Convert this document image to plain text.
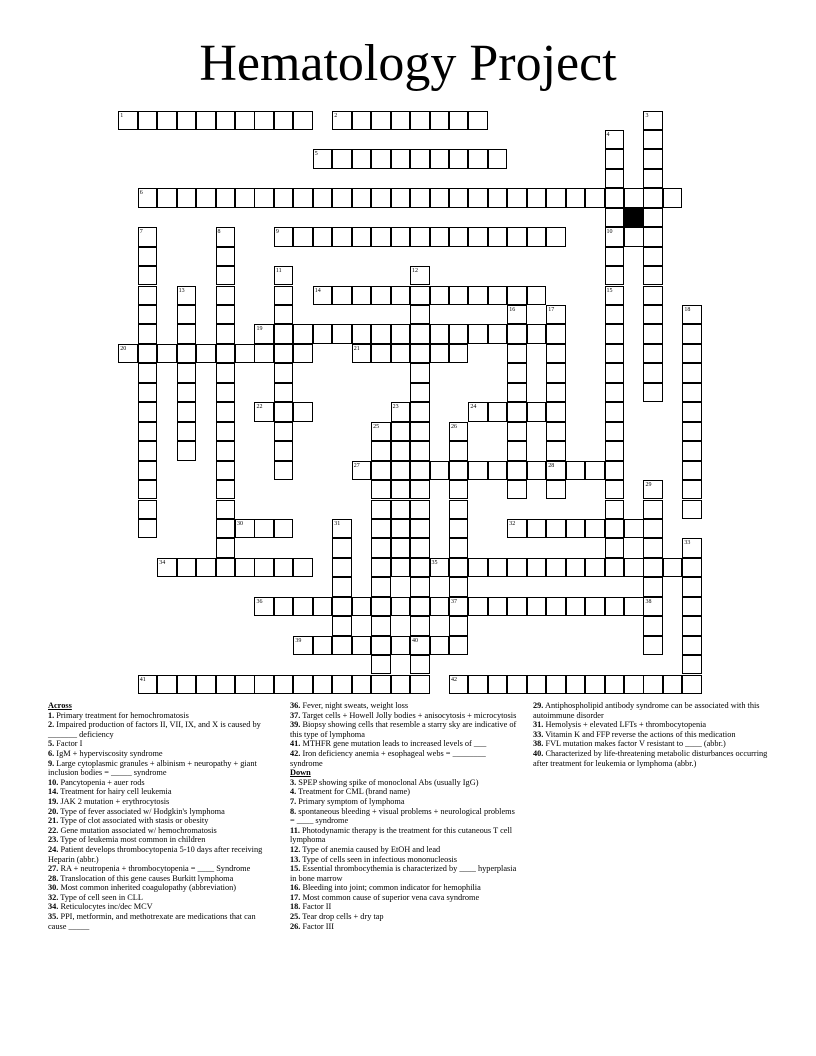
Hematology Project
1	2	3
4
10
5
6
7	8	9
11	12
40
13	14	15
16	17
28
18
19
20	21
22	23	24
25	26
37
27
29
38
30	31	32
33
34	35
36
39
41	42
Across
1. Primary treatment for hemochromatosis
2. Impaired production of factors II, VII, IX, and X is caused by _______ deficiency
5. Factor I
6. IgM + hyperviscosity syndrome
9. Large cytoplasmic granules + albinism + neuropathy + giant inclusion bodies = _____ syndrome
10. Pancytopenia + auer rods
14. Treatment for hairy cell leukemia
19. JAK 2 mutation + erythrocytosis
20. Type of fever associated w/ Hodgkin's lymphoma
21. Type of clot associated with stasis or obesity
22. Gene mutation associated w/ hemochromatosis
23. Type of leukemia most common in children
24. Patient develops thrombocytopenia 5-10 days after receiving Heparin (abbr.)
27. RA + neutropenia + thrombocytopenia = ____ Syndrome
28. Translocation of this gene causes Burkitt lymphoma
30. Most common inherited coagulopathy (abbreviation)
32. Type of cell seen in CLL
34. Reticulocytes inc/dec MCV
35. PPI, metformin, and methotrexate are medications that can cause _____
36. Fever, night sweats, weight loss
37. Target cells + Howell Jolly bodies + anisocytosis + microcytosis
39. Biopsy showing cells that resemble a starry sky are indicative of this type of lymphoma
41. MTHFR gene mutation leads to increased levels of ___
42. Iron deficiency anemia + esophageal webs = ________ syndrome
Down
3. SPEP showing spike of monoclonal Abs (usually IgG)
4. Treatment for CML (brand name)
7. Primary symptom of lymphoma
8. spontaneous bleeding + visual problems + neurological problems = ____ syndrome
11. Photodynamic therapy is the treatment for this cutaneous T cell lymphoma
12. Type of anemia caused by EtOH and lead
13. Type of cells seen in infectious mononucleosis
15. Essential thrombocythemia is characterized by ____ hyperplasia in bone marrow
16. Bleeding into joint; common indicator for hemophilia
17. Most common cause of superior vena cava syndrome
18. Factor II
25. Tear drop cells + dry tap
26. Factor III
29. Antiphospholipid antibody syndrome can be associated with this autoimmune disorder
31. Hemolysis + elevated LFTs + thrombocytopenia
33. Vitamin K and FFP reverse the actions of this medication
38. FVL mutation makes factor V resistant to ____ (abbr.)
40. Characterized by life-threatening metabolic disturbances occurring after treatment for leukemia or lymphoma (abbr.)
